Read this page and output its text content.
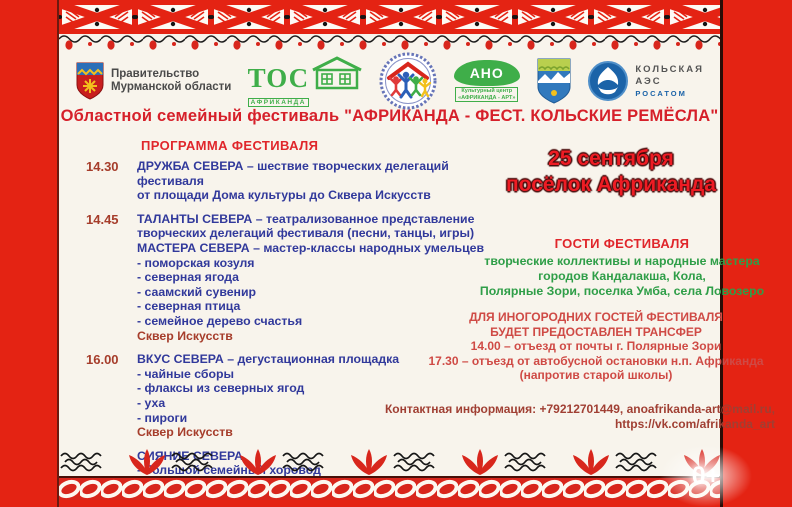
Правительство
Мурманской области ТОС
АФРИКАНДА
АНО
Культурный центр
«АФРИКАНДА - АРТ»
КОЛЬСКАЯ
АЭС
РОСАТОМ
Областной семейный фестиваль "АФРИКАНДА - ФЕСТ. КОЛЬСКИЕ РЕМЁСЛА"
ПРОГРАММА ФЕСТИВАЛЯ
14.30	ДРУЖБА СЕВЕРА – шествие творческих делегаций фестиваля
от площади Дома культуры до Сквера Искусств
14.45	ТАЛАНТЫ СЕВЕРА – театрализованное представление
творческих делегаций фестиваля (песни, танцы, игры)
МАСТЕРА СЕВЕРА – мастер-классы народных умельцев
- поморская козуля
- северная ягода
- саамский сувенир
- северная птица
- семейное дерево счастья
Сквер Искусств
16.00	ВКУС СЕВЕРА – дегустационная площадка
- чайные сборы
- флаксы из северных ягод
- уха
- пироги
Сквер Искусств
25 сентября
посёлок Африканда
ГОСТИ ФЕСТИВАЛЯ
творческие коллективы и народные мастера
городов Кандалакша, Кола,
Полярные Зори, поселка Умба, села Ловозеро
ДЛЯ ИНОГОРОДНИХ ГОСТЕЙ ФЕСТИВАЛЯ
БУДЕТ ПРЕДОСТАВЛЕН ТРАНСФЕР
14.00 – отъезд от почты г. Полярные Зори
17.30 – отъезд от автобусной остановки н.п. Африканда
(напротив старой школы)
Контактная информация: +79212701449, anoafrikanda-art@mail.ru,
https://vk.com/afrikanda_art
0+
